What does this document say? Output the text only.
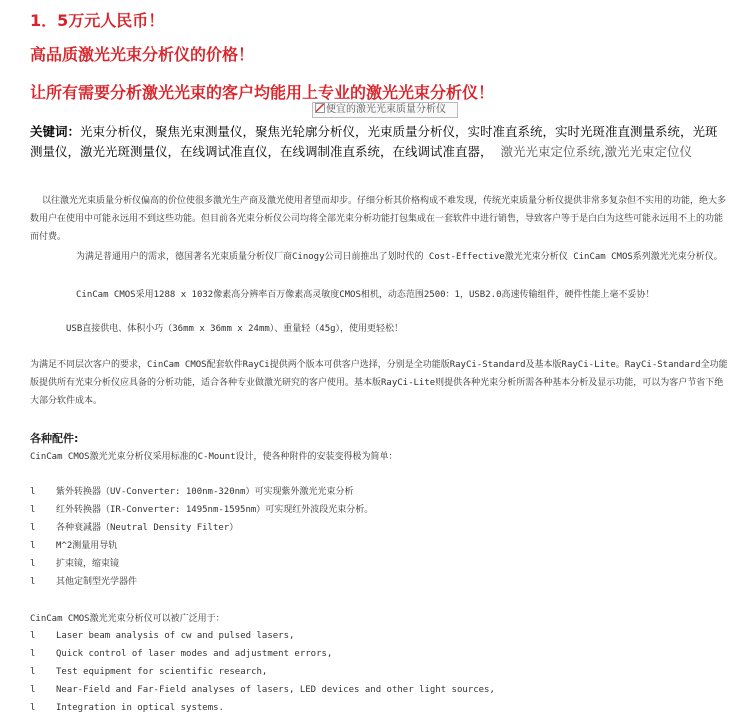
1．5万元人民币！
高品质激光光束分析仪的价格！
让所有需要分析激光光束的客户均能用上专业的激光光束分析仪！
便宜的激光光束质量分析仪
关键词：光束分析仪，聚焦光束测量仪，聚焦光轮廓分析仪，光束质量分析仪，实时准直系统，实时光斑准直测量系统，光斑测量仪，激光光斑测量仪，在线调试准直仪，在线调制准直系统，在线调试准直器， 激光光束定位系统,激光光束定位仪
以往激光光束质量分析仪偏高的价位使很多激光生产商及激光使用者望而却步。仔细分析其价格构成不难发现，传统光束质量分析仪提供非常多复杂但不实用的功能，绝大多数用户在使用中可能永远用不到这些功能。但目前各光束分析仪公司均将全部光束分析功能打包集成在一套软件中进行销售，导致客户等于是白白为这些可能永远用不上的功能而付费。
为满足普通用户的需求，德国著名光束质量分析仪厂商Cinogy公司日前推出了划时代的 Cost-Effective激光光束分析仪 CinCam CMOS系列激光光束分析仪。
CinCam CMOS采用1288 x 1032像素高分辨率百万像素高灵敏度CMOS相机，动态范围2500：1，USB2.0高速传输组件，硬件性能上毫不妥协！
USB直接供电、体积小巧（36mm x 36mm x 24mm）、重量轻（45g），使用更轻松！
为满足不同层次客户的要求，CinCam CMOS配套软件RayCi提供两个版本可供客户选择，分别是全功能版RayCi-Standard及基本版RayCi-Lite。RayCi-Standard全功能版提供所有光束分析仪应具备的分析功能，适合各种专业做激光研究的客户使用。基本版RayCi-Lite则提供各种光束分析所需各种基本分析及显示功能，可以为客户节省下绝大部分软件成本。
各种配件:
CinCam CMOS激光光束分析仪采用标准的C-Mount设计，使各种附件的安装变得极为简单：
l 紫外转换器（UV-Converter: 100nm-320nm）可实现紫外激光光束分析
l 红外转换器（IR-Converter: 1495nm-1595nm）可实现红外波段光束分析。
l 各种衰减器（Neutral Density Filter）
l M^2测量用导轨
l 扩束镜，缩束镜
l 其他定制型光学器件
CinCam CMOS激光光束分析仪可以被广泛用于：
l Laser beam analysis of cw and pulsed lasers,
l Quick control of laser modes and adjustment errors,
l Test equipment for scientific research,
l Near-Field and Far-Field analyses of lasers, LED devices and other light sources,
l Integration in optical systems.
